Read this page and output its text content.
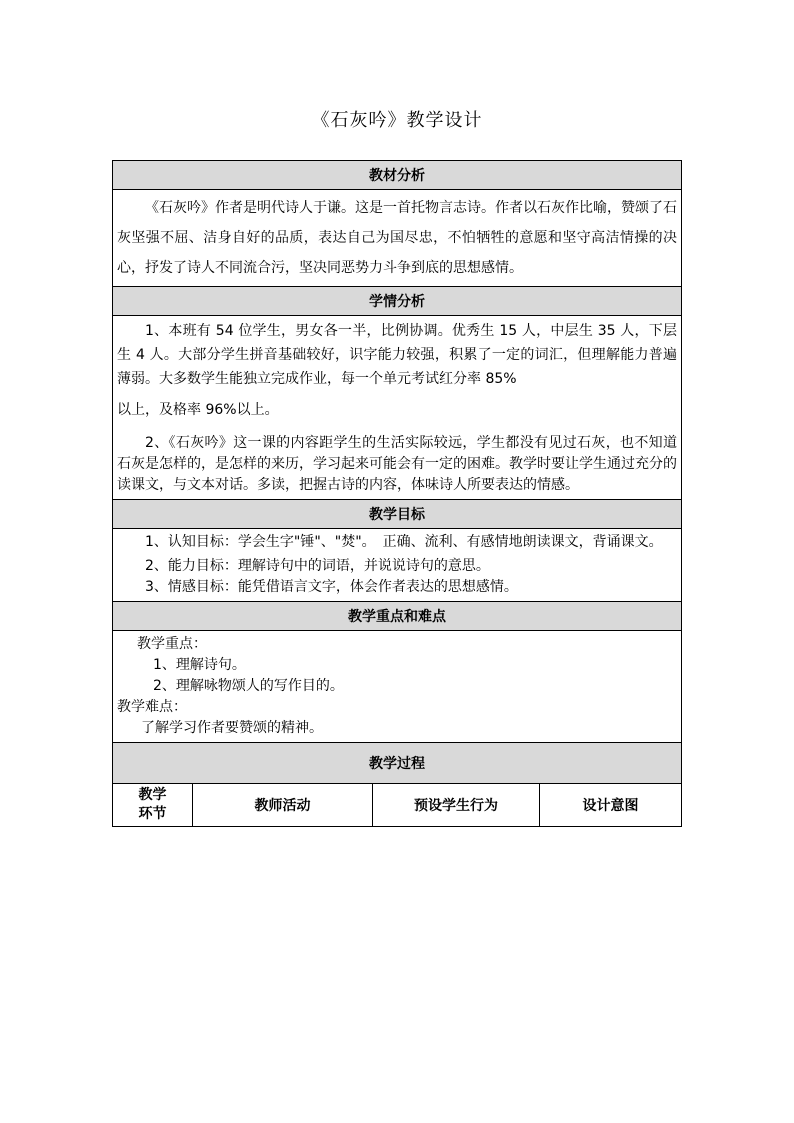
《石灰吟》教学设计
教材分析

《石灰吟》作者是明代诗人于谦。这是一首托物言志诗。作者以石灰作比喻，赞颂了石灰坚强不屈、洁身自好的品质，表达自己为国尽忠，不怕牺牲的意愿和坚守高洁情操的决心，抒发了诗人不同流合污，坚决同恶势力斗争到底的思想感情。

学情分析

1、本班有 54 位学生，男女各一半，比例协调。优秀生 15 人，中层生 35 人，下层生 4 人。大部分学生拼音基础较好，识字能力较强，积累了一定的词汇，但理解能力普遍薄弱。大多数学生能独立完成作业，每一个单元考试红分率 85%

以上，及格率 96%以上。

2、《石灰吟》这一课的内容距学生的生活实际较远，学生都没有见过石灰，也不知道石灰是怎样的，是怎样的来历，学习起来可能会有一定的困难。教学时要让学生通过充分的读课文，与文本对话。多读，把握古诗的内容，体味诗人所要表达的情感。

教学目标

1、认知目标：学会生字"锤"、"焚"。　正确、流利、有感情地朗读课文，背诵课文。

2、能力目标：理解诗句中的词语，并说说诗句的意思。

3、情感目标：能凭借语言文字，体会作者表达的思想感情。

教学重点和难点

教学重点：

1、理解诗句。

2、理解咏物颂人的写作目的。

教学难点：

了解学习作者要赞颂的精神。

教学过程
教学
环节	教师活动	预设学生行为	设计意图
